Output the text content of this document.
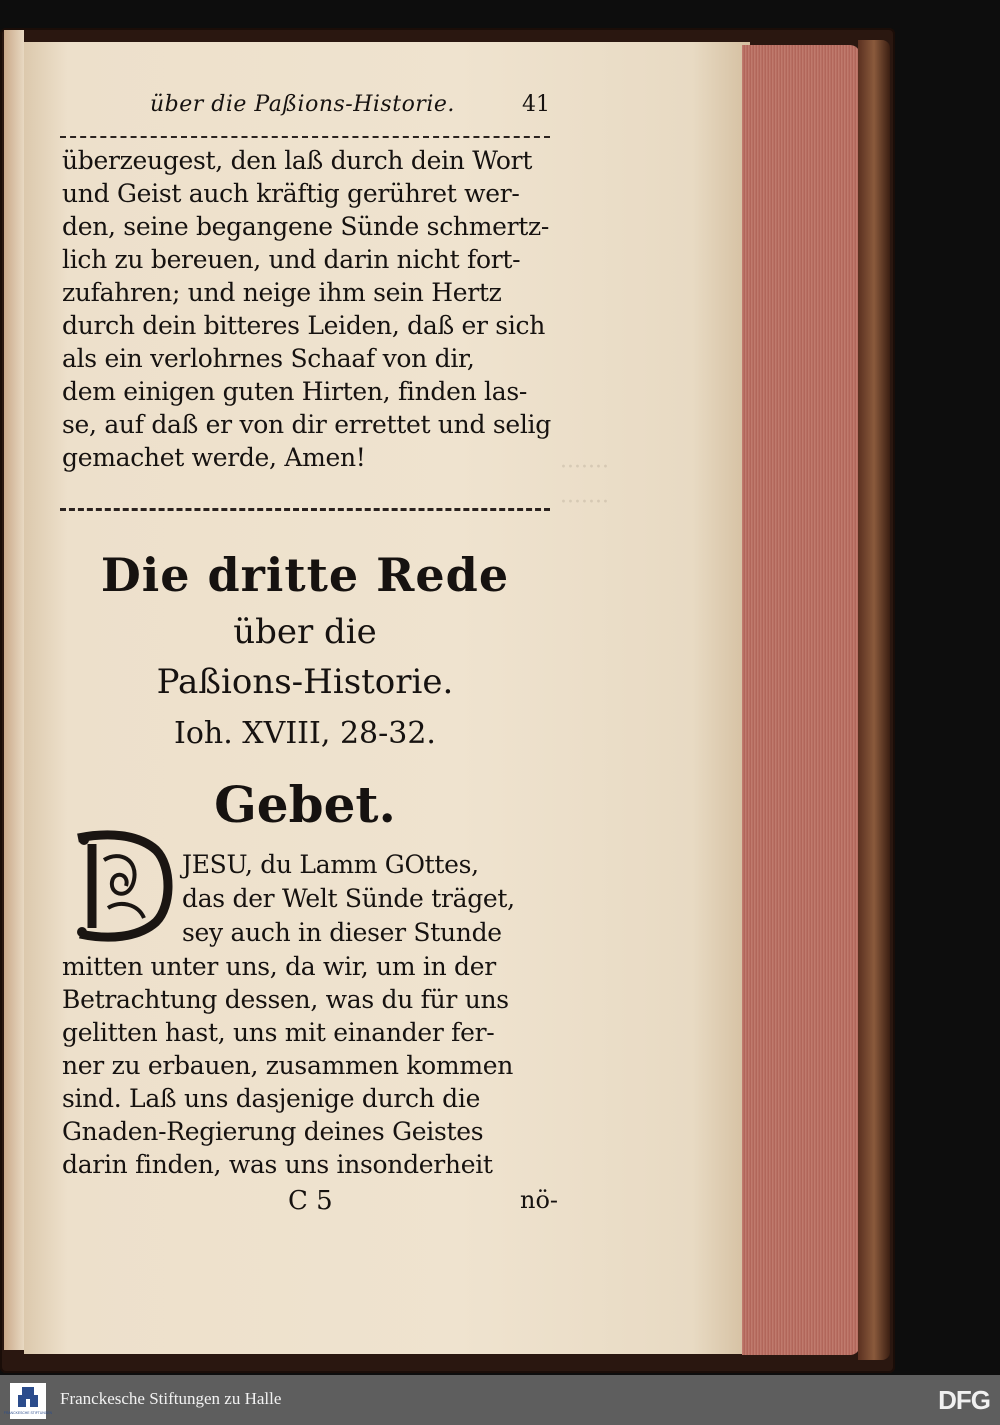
·······
·······
über die Paßions-Historie.	41
überzeugest, den laß durch dein Wort
und Geist auch kräftig gerühret wer-
den, seine begangene Sünde schmertz-
lich zu bereuen, und darin nicht fort-
zufahren; und neige ihm sein Hertz
durch dein bitteres Leiden, daß er sich
als ein verlohrnes Schaaf von dir,
dem einigen guten Hirten, finden las-
se, auf daß er von dir errettet und selig
gemachet werde, Amen!
Die dritte Rede
über die
Paßions-Historie.
Ioh. XVIII, 28-32.
Gebet.
JESU, du Lamm GOttes,
das der Welt Sünde träget,
sey auch in dieser Stunde
mitten unter uns, da wir, um in der
Betrachtung dessen, was du für uns
gelitten hast, uns mit einander fer-
ner zu erbauen, zusammen kommen
sind. Laß uns dasjenige durch die
Gnaden-Regierung deines Geistes
darin finden, was uns insonderheit
C 5	nö-
FRANCKESCHE STIFTUNGEN
Franckesche Stiftungen zu Halle	DFG
